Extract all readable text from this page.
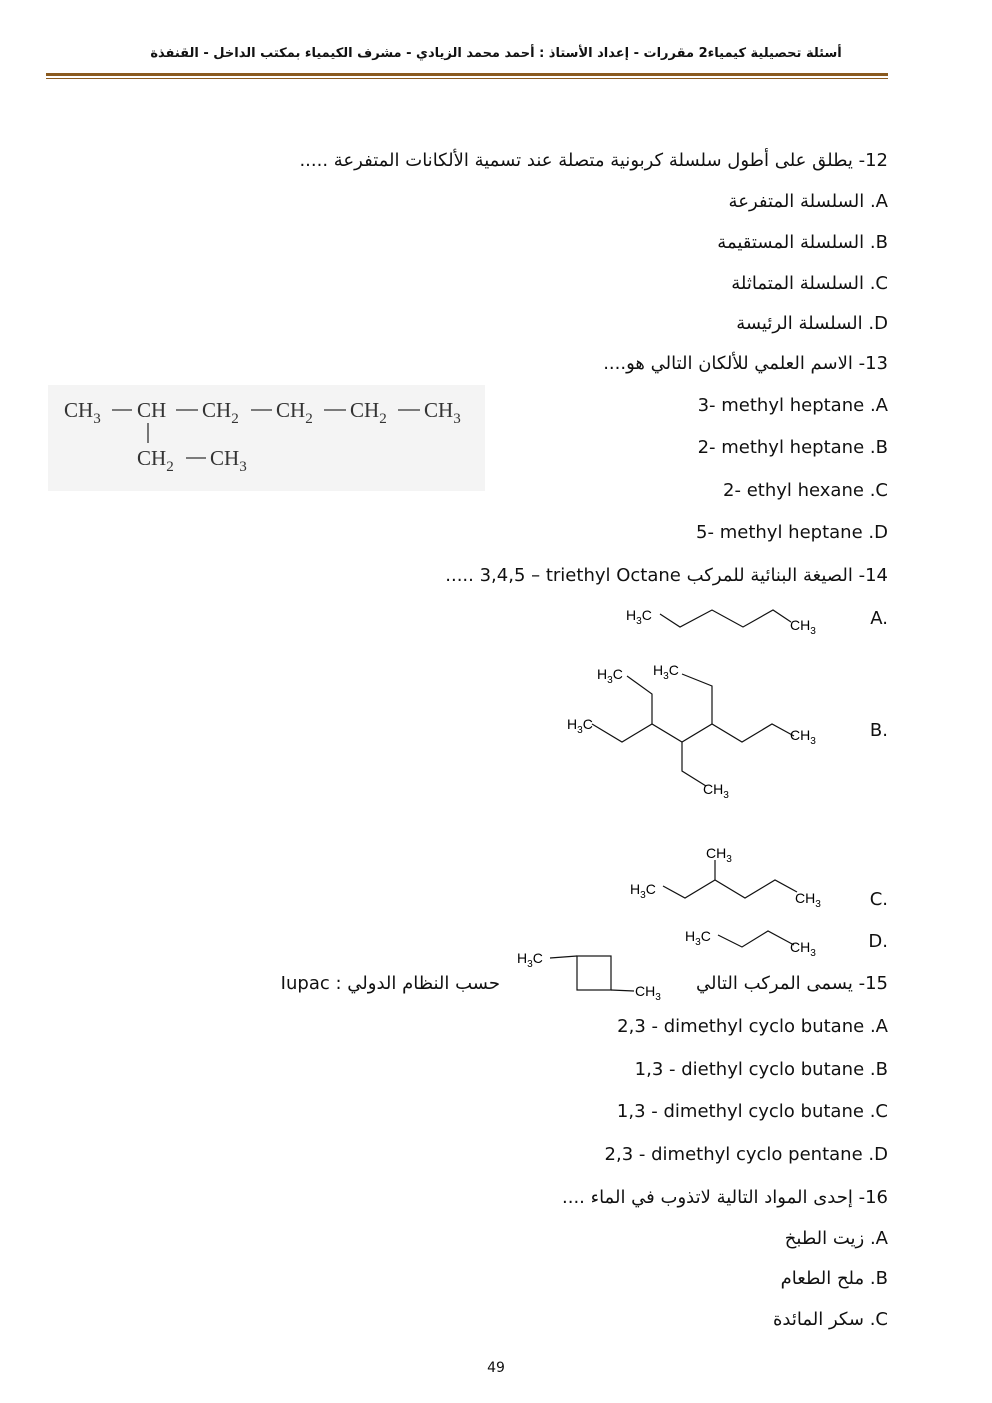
أسئلة تحصيلية كيمياء2 مقررات - إعداد الأستاذ : أحمد محمد الزيادي - مشرف الكيمياء بمكتب الداخل - القنفذة
12- يطلق على أطول سلسلة كربونية متصلة عند تسمية الألكانات المتفرعة .....
A. السلسلة المتفرعة
B. السلسلة المستقيمة
C. السلسلة المتماثلة
D. السلسلة الرئيسة
13- الاسم العلمي للألكان التالي هو....
A. 3- methyl heptane
B. 2- methyl heptane
C. 2- ethyl hexane
D. 5- methyl heptane
$CH_3$ CH $CH_2$ $CH_2$ $CH_2$ $CH_3$
$CH_2$ $CH_3$
14- الصيغة البنائية للمركب 3,4,5 – triethyl Octane .....
A.
$H_3C$
$CH_3$
B.
$H_3C$ $H_3C$
$H_3C$
$CH_3$
$CH_3$
C.
$CH_3$
$H_3C$
$CH_3$
D.
$H_3C$
$CH_3$
15- يسمى المركب التالي
$H_3C$
$CH_3$
حسب النظام الدولي Iupac :
A. 2,3 - dimethyl cyclo butane
B. 1,3 - diethyl cyclo butane
C. 1,3 - dimethyl cyclo butane
D. 2,3 - dimethyl cyclo pentane
16- إحدى المواد التالية لاتذوب في الماء ....
A. زيت الطبخ
B. ملح الطعام
C. سكر المائدة
49
